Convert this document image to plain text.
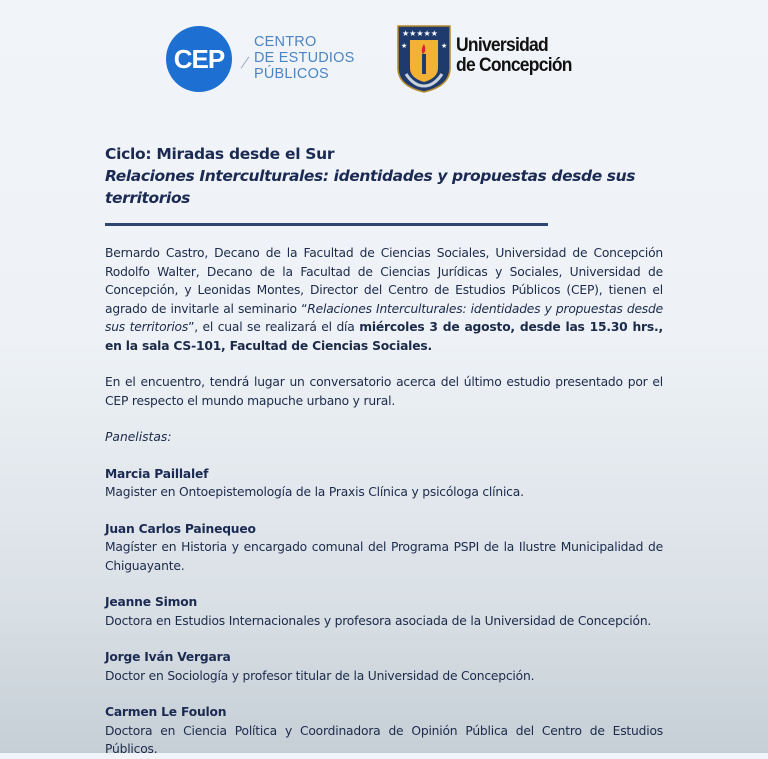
CEP
CENTRO
DE ESTUDIOS
PÚBLICOS
★★★★★
★	★ Universidad
de Concepción
Ciclo: Miradas desde el Sur
Relaciones Interculturales: identidades y propuestas desde sus territorios

Bernardo Castro, Decano de la Facultad de Ciencias Sociales, Universidad de Concepción Rodolfo Walter, Decano de la Facultad de Ciencias Jurídicas y Sociales, Universidad de Concepción, y Leonidas Montes, Director del Centro de Estudios Públicos (CEP), tienen el agrado de invitarle al seminario “Relaciones Interculturales: identidades y propuestas desde sus territorios”, el cual se realizará el día miércoles 3 de agosto, desde las 15.30 hrs., en la sala CS-101, Facultad de Ciencias Sociales.

En el encuentro, tendrá lugar un conversatorio acerca del último estudio presentado por el CEP respecto el mundo mapuche urbano y rural.

Panelistas:
Marcia Paillalef
Magister en Ontoepistemología de la Praxis Clínica y psicóloga clínica.
Juan Carlos Painequeo
Magíster en Historia y encargado comunal del Programa PSPI de la Ilustre Municipalidad de Chiguayante.
Jeanne Simon
Doctora en Estudios Internacionales y profesora asociada de la Universidad de Concepción.
Jorge Iván Vergara
Doctor en Sociología y profesor titular de la Universidad de Concepción.
Carmen Le Foulon
Doctora en Ciencia Política y Coordinadora de Opinión Pública del Centro de Estudios Públicos.
